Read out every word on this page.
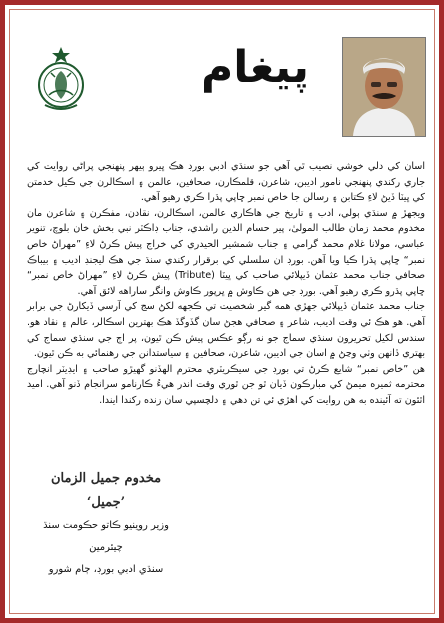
پيغام

اسان کي دلي خوشي نصيب ٿي آهي جو سنڌي ادبي بورڊ هڪ ڀيرو ٻيهر پنهنجي پراڻي روايت کي جاري رکندي پنهنجي نامور اديبن، شاعرن، قلمڪارن، صحافين، عالمن ۽ اسڪالرن جي ڪيل خدمتن کي ڀيٽا ڏيڻ لاءِ ڪتابن ۽ رسالن جا خاص نمبر ڇاپي پڌرا ڪري رهيو آهي.

ويجهڙ ۾ سنڌي ٻولي، ادب ۽ تاريخ جي هاڪاري عالمن، اسڪالرن، نقادن، مفڪرن ۽ شاعرن مان مخدوم محمد زمان طالب المولىٰ، پير حسام الدين راشدي، جناب ڊاڪٽر نبي بخش خان بلوچ، تنوير عباسي، مولانا غلام محمد گرامي ۽ جناب شمشير الحيدري کي خراج پيش ڪرڻ لاءِ ”مهراڻ خاص نمبر“ ڇاپي پڌرا ڪيا ويا آهن. بورڊ ان سلسلي کي برقرار رکندي سنڌ جي هڪ ليجنڊ اديب ۽ بيباڪ صحافي جناب محمد عثمان ڏيپلائي صاحب کي ڀيٽا (Tribute) پيش ڪرڻ لاءِ ”مهراڻ خاص نمبر“ ڇاپي پڌرو ڪري رهيو آهي. بورڊ جي هن ڪاوش ۾ ڀرپور ڪاوش وانگر ساراهه لائق آهي.

جناب محمد عثمان ڏيپلائي جهڙي همه گير شخصيت تي ڪجهه لکڻ سج کي آرسي ڏيکارڻ جي برابر آهي. هو هڪ ئي وقت اديب، شاعر ۽ صحافي هجڻ سان گڏوگڏ هڪ بهترين اسڪالر، عالم ۽ نقاد هو. سندس لکيل تحريرون سنڌي سماج جو نه رڳو عڪس پيش ڪن ٿيون، پر اڄ جي سنڌي سماج کي بهتري ڏانهن وٺي وڃڻ ۾ اسان جي اديبن، شاعرن، صحافين ۽ سياستدانن جي رهنمائي به ڪن ٿيون.

هن ”خاص نمبر“ شايع ڪرڻ تي بورڊ جي سيڪريٽري محترم الهڏنو گهيڙو صاحب ۽ ايڊيٽر انچارج محترمه ثميره ميمڻ کي مبارڪون ڏيان ٿو جن ٿوري وقت اندر هيءُ ڪارنامو سرانجام ڏنو آهي. اميد اٿئون ته آئينده به هن روايت کي اهڙي ئي تن دهي ۽ دلچسپي سان زنده رکندا ايندا.

مخدوم جميل الزمان ’جميل‘
وزير روينيو ڪاتو حڪومت سنڌ
چيئرمين
سنڌي ادبي بورڊ، ڄام شورو
